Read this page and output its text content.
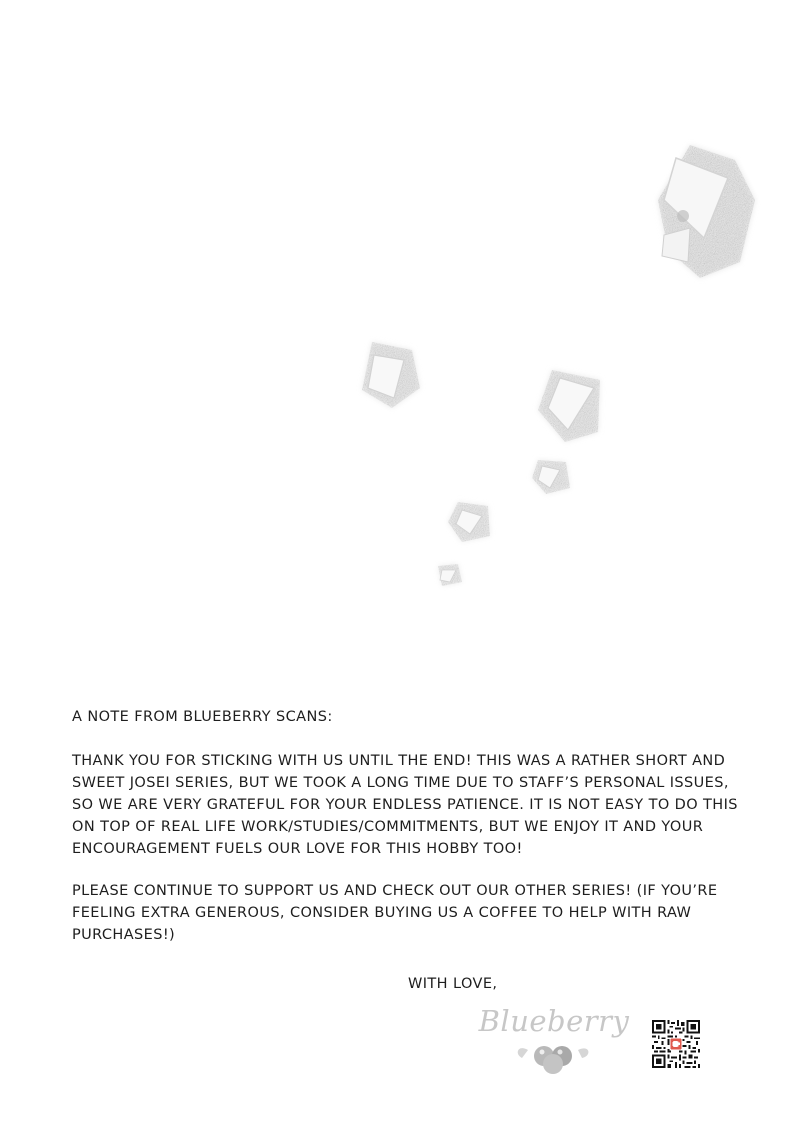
A NOTE FROM BLUEBERRY SCANS:

THANK YOU FOR STICKING WITH US UNTIL THE END! THIS WAS A RATHER SHORT AND SWEET JOSEI SERIES, BUT WE TOOK A LONG TIME DUE TO STAFF’S PERSONAL ISSUES, SO WE ARE VERY GRATEFUL FOR YOUR ENDLESS PATIENCE. IT IS NOT EASY TO DO THIS ON TOP OF REAL LIFE WORK/STUDIES/COMMITMENTS, BUT WE ENJOY IT AND YOUR ENCOURAGEMENT FUELS OUR LOVE FOR THIS HOBBY TOO!

PLEASE CONTINUE TO SUPPORT US AND CHECK OUT OUR OTHER SERIES! (IF YOU’RE FEELING EXTRA GENEROUS, CONSIDER BUYING US A COFFEE TO HELP WITH RAW PURCHASES!)

WITH LOVE,
Blueberry
